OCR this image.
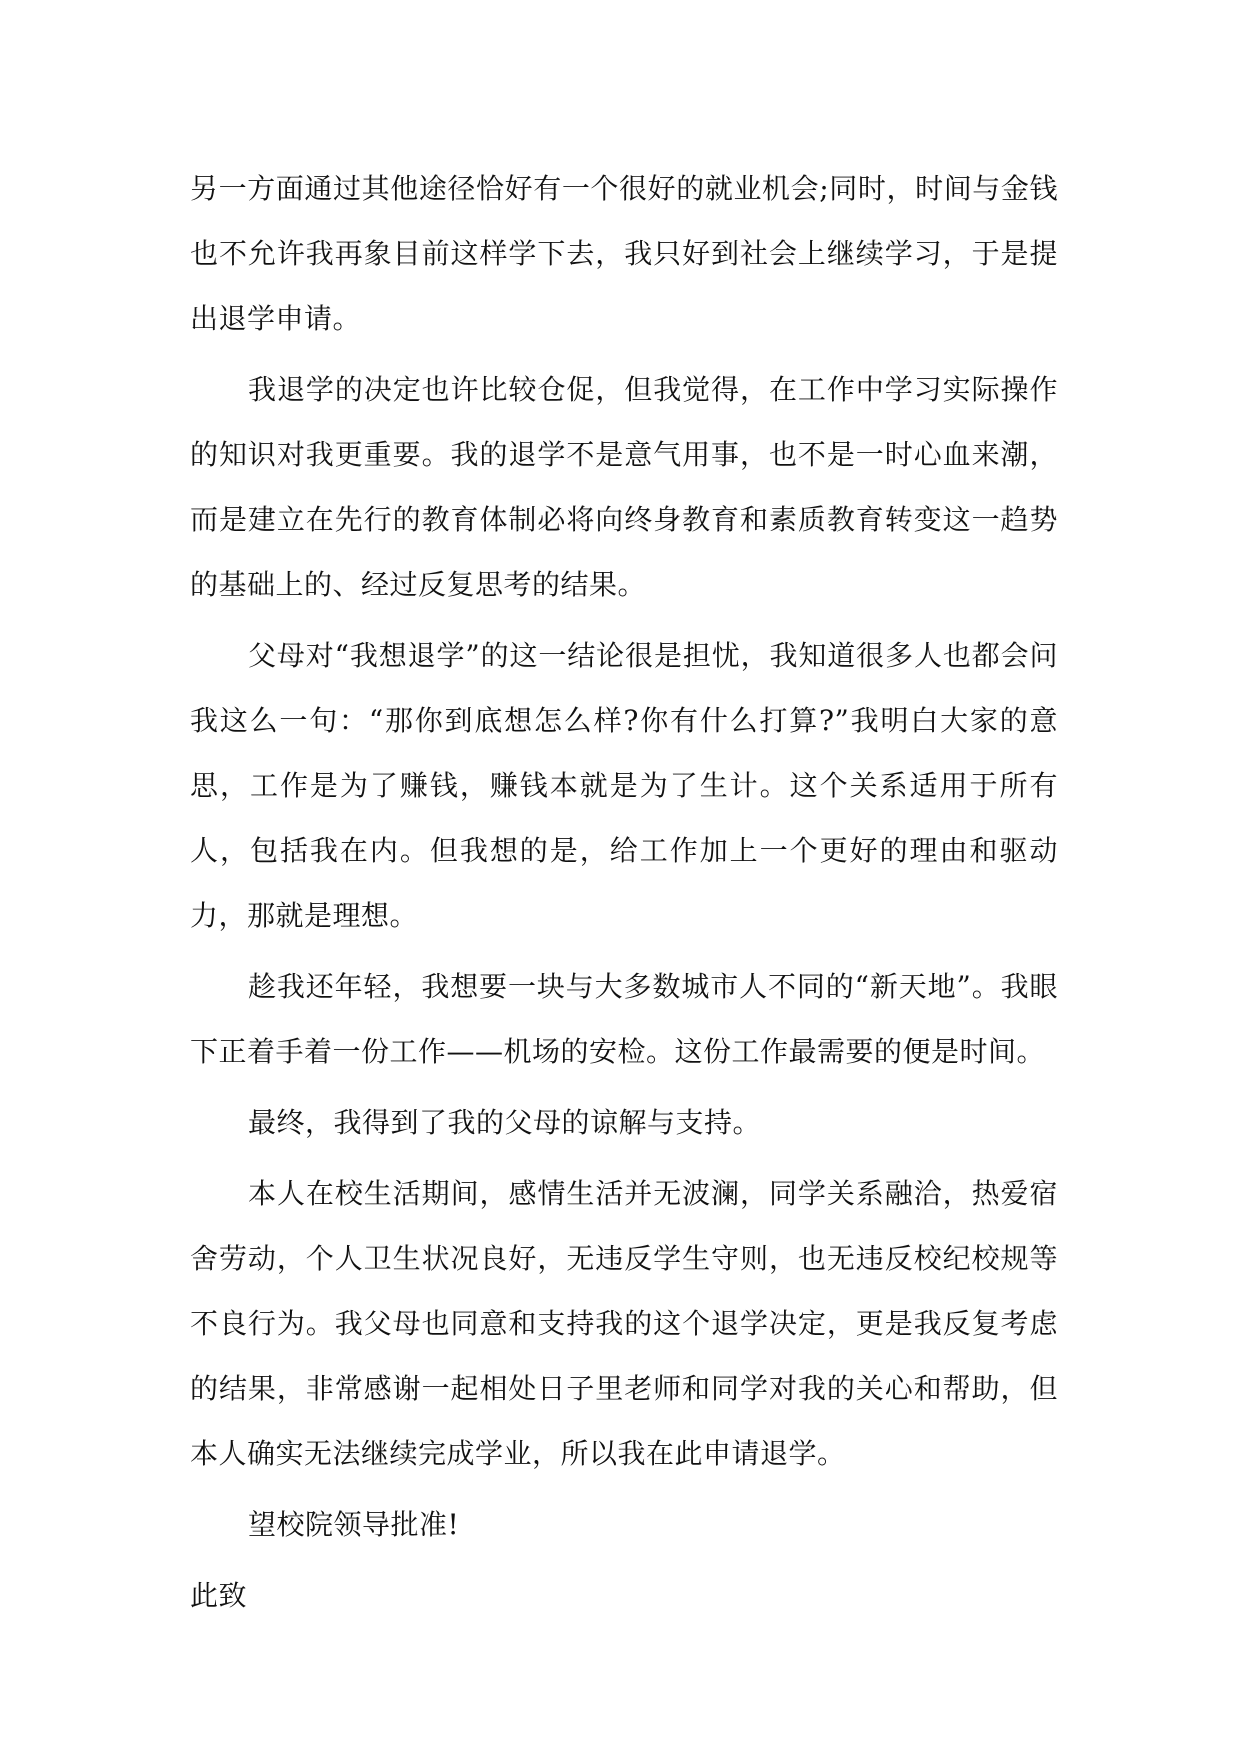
另一方面通过其他途径恰好有一个很好的就业机会;同时，时间与金钱也不允许我再象目前这样学下去，我只好到社会上继续学习，于是提出退学申请。

我退学的决定也许比较仓促，但我觉得，在工作中学习实际操作的知识对我更重要。我的退学不是意气用事，也不是一时心血来潮，而是建立在先行的教育体制必将向终身教育和素质教育转变这一趋势的基础上的、经过反复思考的结果。

父母对“我想退学”的这一结论很是担忧，我知道很多人也都会问我这么一句：“那你到底想怎么样?你有什么打算?”我明白大家的意思，工作是为了赚钱，赚钱本就是为了生计。这个关系适用于所有人，包括我在内。但我想的是，给工作加上一个更好的理由和驱动力，那就是理想。

趁我还年轻，我想要一块与大多数城市人不同的“新天地”。我眼下正着手着一份工作——机场的安检。这份工作最需要的便是时间。

最终，我得到了我的父母的谅解与支持。

本人在校生活期间，感情生活并无波澜，同学关系融洽，热爱宿舍劳动，个人卫生状况良好，无违反学生守则，也无违反校纪校规等不良行为。我父母也同意和支持我的这个退学决定，更是我反复考虑的结果，非常感谢一起相处日子里老师和同学对我的关心和帮助，但本人确实无法继续完成学业，所以我在此申请退学。

望校院领导批准!

此致
